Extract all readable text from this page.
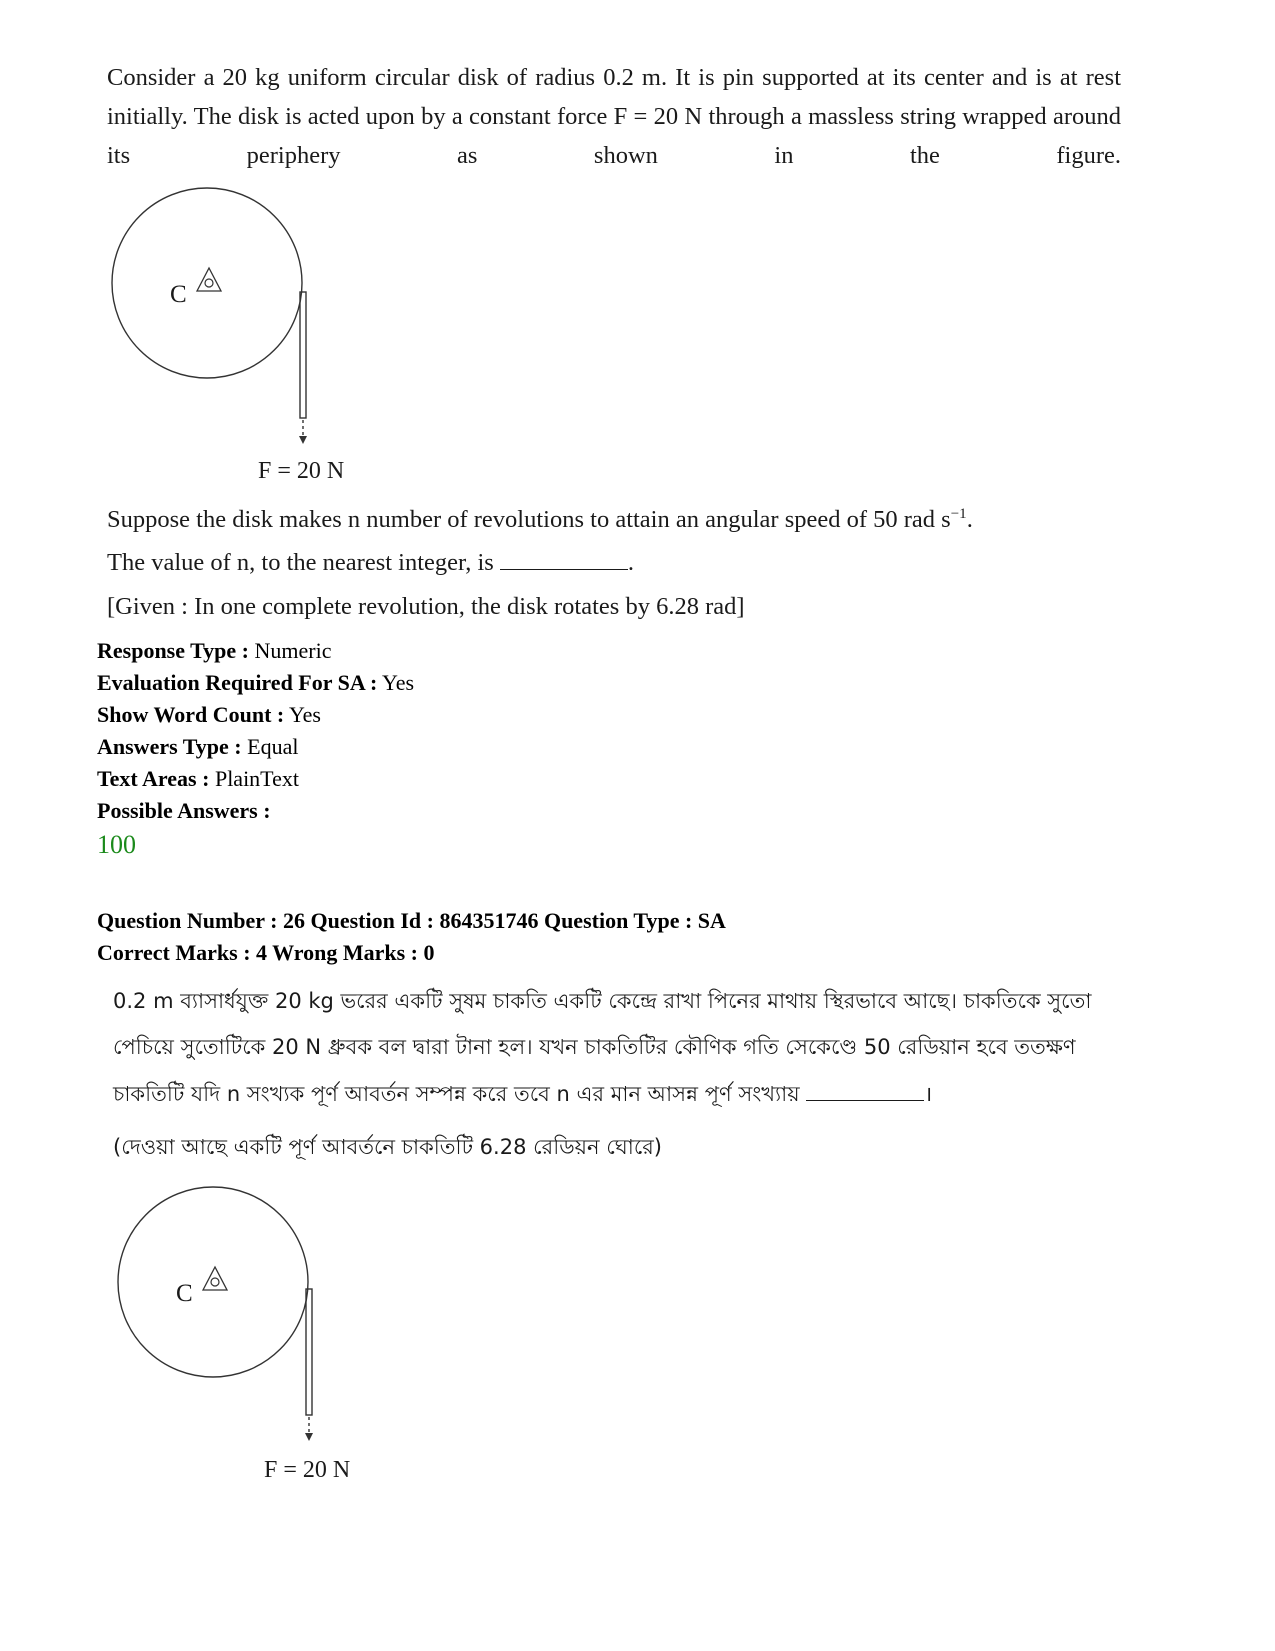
Consider a 20 kg uniform circular disk of radius 0.2 m. It is pin supported at its center and is at rest initially. The disk is acted upon by a constant force F = 20 N through a massless string wrapped around its periphery as shown in the figure.
C
F = 20 N
Suppose the disk makes n number of revolutions to attain an angular speed of 50 rad $s^{-1}$.
The value of n, to the nearest integer, is	.
[Given : In one complete revolution, the disk rotates by 6.28 rad]
Response Type : Numeric
Evaluation Required For SA : Yes
Show Word Count : Yes
Answers Type : Equal
Text Areas : PlainText
Possible Answers :
100
Question Number : 26 Question Id : 864351746 Question Type : SA
Correct Marks : 4 Wrong Marks : 0
0.2 m ব্যাসার্ধযুক্ত 20 kg ভরের একটি সুষম চাকতি একটি কেন্দ্রে রাখা পিনের মাথায় স্থিরভাবে আছে। চাকতিকে সুতো
পেচিয়ে সুতোটিকে 20 N ধ্রুবক বল দ্বারা টানা হল। যখন চাকতিটির কৌণিক গতি সেকেণ্ডে 50 রেডিয়ান হবে ততক্ষণ
চাকতিটি যদি n সংখ্যক পূর্ণ আবর্তন সম্পন্ন করে তবে n এর মান আসন্ন পূর্ণ সংখ্যায়	।
(দেওয়া আছে একটি পূর্ণ আবর্তনে চাকতিটি 6.28 রেডিয়ন ঘোরে)
C
F = 20 N
